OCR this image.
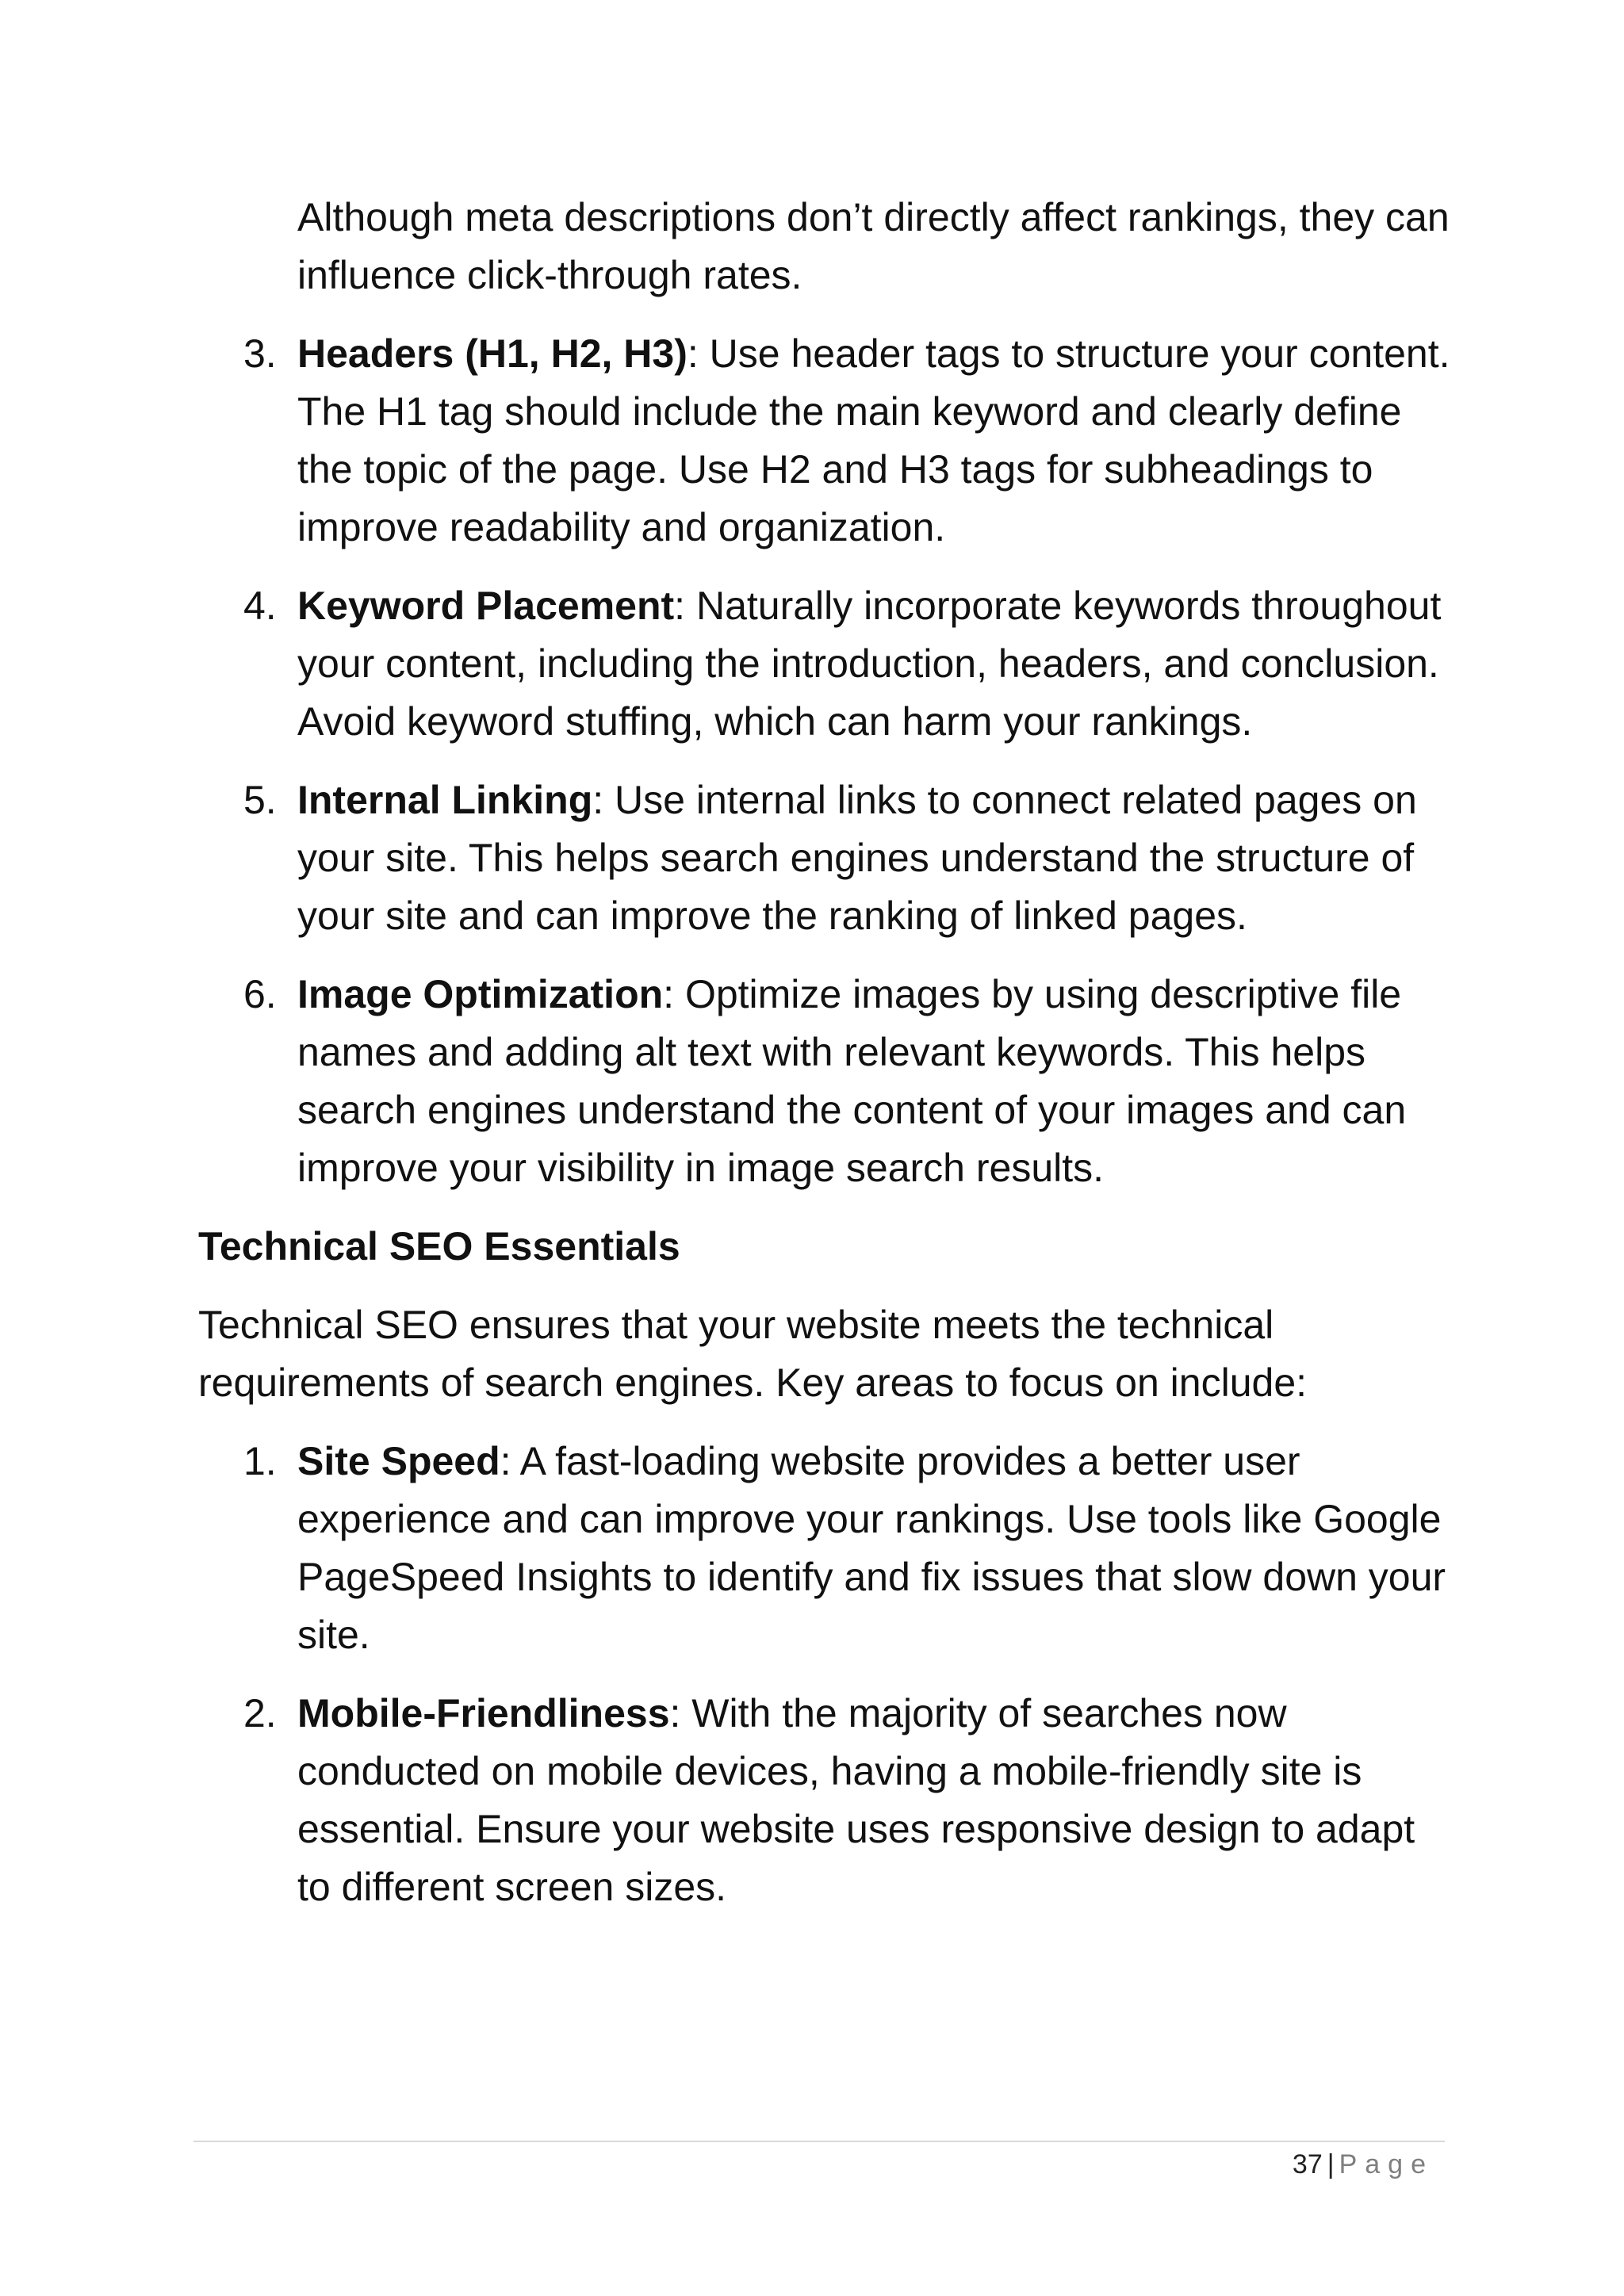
Although meta descriptions don’t directly affect rankings, they can influence click-through rates.
3. Headers (H1, H2, H3): Use header tags to structure your content. The H1 tag should include the main keyword and clearly define the topic of the page. Use H2 and H3 tags for subheadings to improve readability and organization.
4. Keyword Placement: Naturally incorporate keywords throughout your content, including the introduction, headers, and conclusion. Avoid keyword stuffing, which can harm your rankings.
5. Internal Linking: Use internal links to connect related pages on your site. This helps search engines understand the structure of your site and can improve the ranking of linked pages.
6. Image Optimization: Optimize images by using descriptive file names and adding alt text with relevant keywords. This helps search engines understand the content of your images and can improve your visibility in image search results.
Technical SEO Essentials
Technical SEO ensures that your website meets the technical requirements of search engines. Key areas to focus on include:
1. Site Speed: A fast-loading website provides a better user experience and can improve your rankings. Use tools like Google PageSpeed Insights to identify and fix issues that slow down your site.
2. Mobile-Friendliness: With the majority of searches now conducted on mobile devices, having a mobile-friendly site is essential. Ensure your website uses responsive design to adapt to different screen sizes.
37 | Page
